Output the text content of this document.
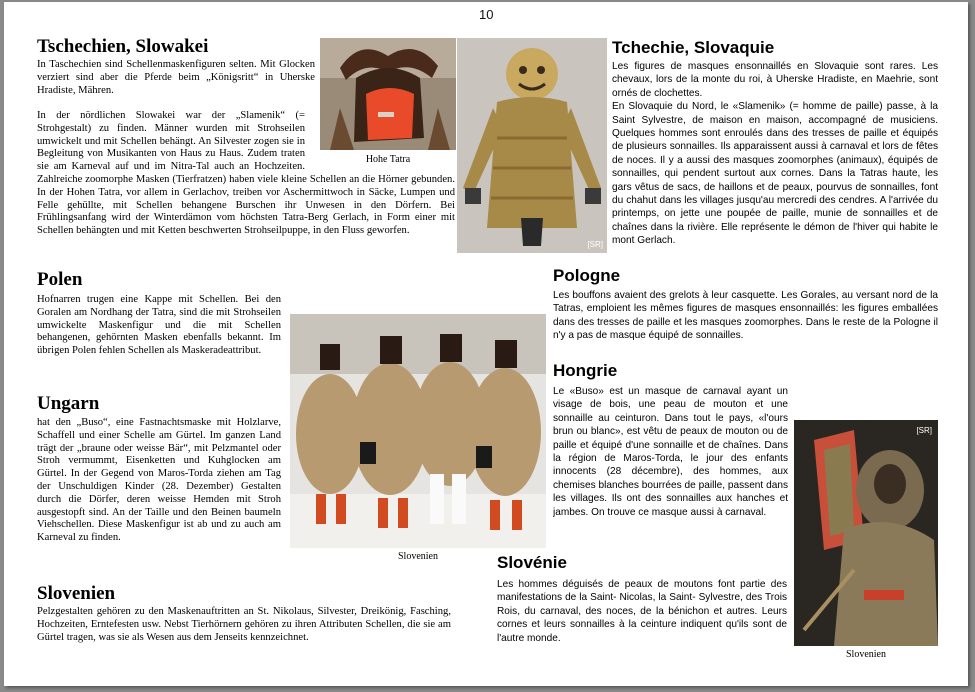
10
Tschechien, Slowakei

In Taschechien sind Schellenmaskenfiguren selten. Mit Glocken verziert sind aber die Pferde beim „Königsritt“ in Uherske Hradiste, Mähren.

In der nördlichen Slowakei war der „Slamenik“ (= Strohgestalt) zu finden. Männer wurden mit Strohseilen umwickelt und mit Schellen behängt. An Silvester zogen sie in Begleitung von Musikanten von Haus zu Haus. Zudem traten sie am Karneval auf und im Nitra-Tal auch an Hochzeiten. Zahlreiche zoomorphe Masken (Tierfratzen) haben viele kleine Schellen an die Hörner gebunden. In der Hohen Tatra, vor allem in Gerlachov, treiben vor Aschermittwoch in Säcke, Lumpen und Felle gehüllte, mit Schellen behangene Burschen ihr Unwesen in den Dörfern. Bei Frühlingsanfang wird der Winterdämon vom höchsten Tatra-Berg Gerlach, in Form einer mit Schellen behängten und mit Ketten beschwerten Strohseilpuppe, in den Fluss geworfen.

Hohe Tatra
[SR]
Tchechie, Slovaquie

Les figures de masques ensonnaillés en Slovaquie sont rares. Les chevaux, lors de la monte du roi, à Uherske Hradiste, en Maehrie, sont ornés de clochettes.

En Slovaquie du Nord, le «Slamenik» (= homme de paille) passe, à la Saint Sylvestre, de maison en maison, accompagné de musiciens. Quelques hommes sont enroulés dans des tresses de paille et équipés de plusieurs sonnailles. Ils apparaissent aussi à carnaval et lors de fêtes de noces. Il y a aussi des masques zoomorphes (animaux), équipés de sonnailles, qui pendent surtout aux cornes. Dans la Tatras haute, les gars vêtus de sacs, de haillons et de peaux, pourvus de sonnailles, font du chahut dans les villages jusqu'au mercredi des cendres. A l'arrivée du printemps, on jette une poupée de paille, munie de sonnailles et de chaînes dans la rivière. Elle représente le démon de l'hiver qui habite le mont Gerlach.

Polen

Hofnarren trugen eine Kappe mit Schellen. Bei den Goralen am Nordhang der Tatra, sind die mit Strohseilen umwickelte Maskenfigur und die mit Schellen behangenen, gehörnten Masken ebenfalls bekannt. Im übrigen Polen fehlen Schellen als Maskeradeattribut.

Slovenien
Ungarn

hat den „Buso“, eine Fastnachtsmaske mit Holzlarve, Schaffell und einer Schelle am Gürtel. Im ganzen Land trägt der „braune oder weisse Bär“, mit Pelzmantel oder Stroh vermummt, Eisenketten und Kuhglocken am Gürtel. In der Gegend von Maros-Torda ziehen am Tag der Unschuldigen Kinder (28. Dezember) Gestalten durch die Dörfer, deren weisse Hemden mit Stroh ausgestopft sind. An der Taille und den Beinen baumeln Viehschellen. Diese Maskenfigur ist ab und zu auch am Karneval zu finden.

Slovenien

Pelzgestalten gehören zu den Maskenauftritten an St. Nikolaus, Silvester, Dreikönig, Fasching, Hochzeiten, Erntefesten usw. Nebst Tierhörnern gehören zu ihren Attributen Schellen, die sie am Gürtel tragen, was sie als Wesen aus dem Jenseits kennzeichnet.

Pologne

Les bouffons avaient des grelots à leur casquette. Les Gorales, au versant nord de la Tatras, emploient les mêmes figures de masques ensonnaillés: les figures emballées dans des tresses de paille et les masques zoomorphes. Dans le reste de la Pologne il n'y a pas de masque équipé de sonnailles.

Hongrie

Le «Buso» est un masque de carnaval ayant un visage de bois, une peau de mouton et une sonnaille au ceinturon. Dans tout le pays, «l'ours brun ou blanc», est vêtu de peaux de mouton ou de paille et équipé d'une sonnaille et de chaînes. Dans la région de Maros-Torda, le jour des enfants innocents (28 décembre), des hommes, aux chemises blanches bourrées de paille, passent dans les villages. Ils ont des sonnailles aux hanches et jambes. On trouve ce masque aussi à carnaval.

[SR]
Slovenien
Slovénie

Les hommes déguisés de peaux de moutons font partie des manifestations de la Saint- Nicolas, la Saint- Sylvestre, des Trois Rois, du carnaval, des noces, de la bénichon et autres. Leurs cornes et leurs sonnailles à la ceinture indiquent qu'ils sont de l'autre monde.
